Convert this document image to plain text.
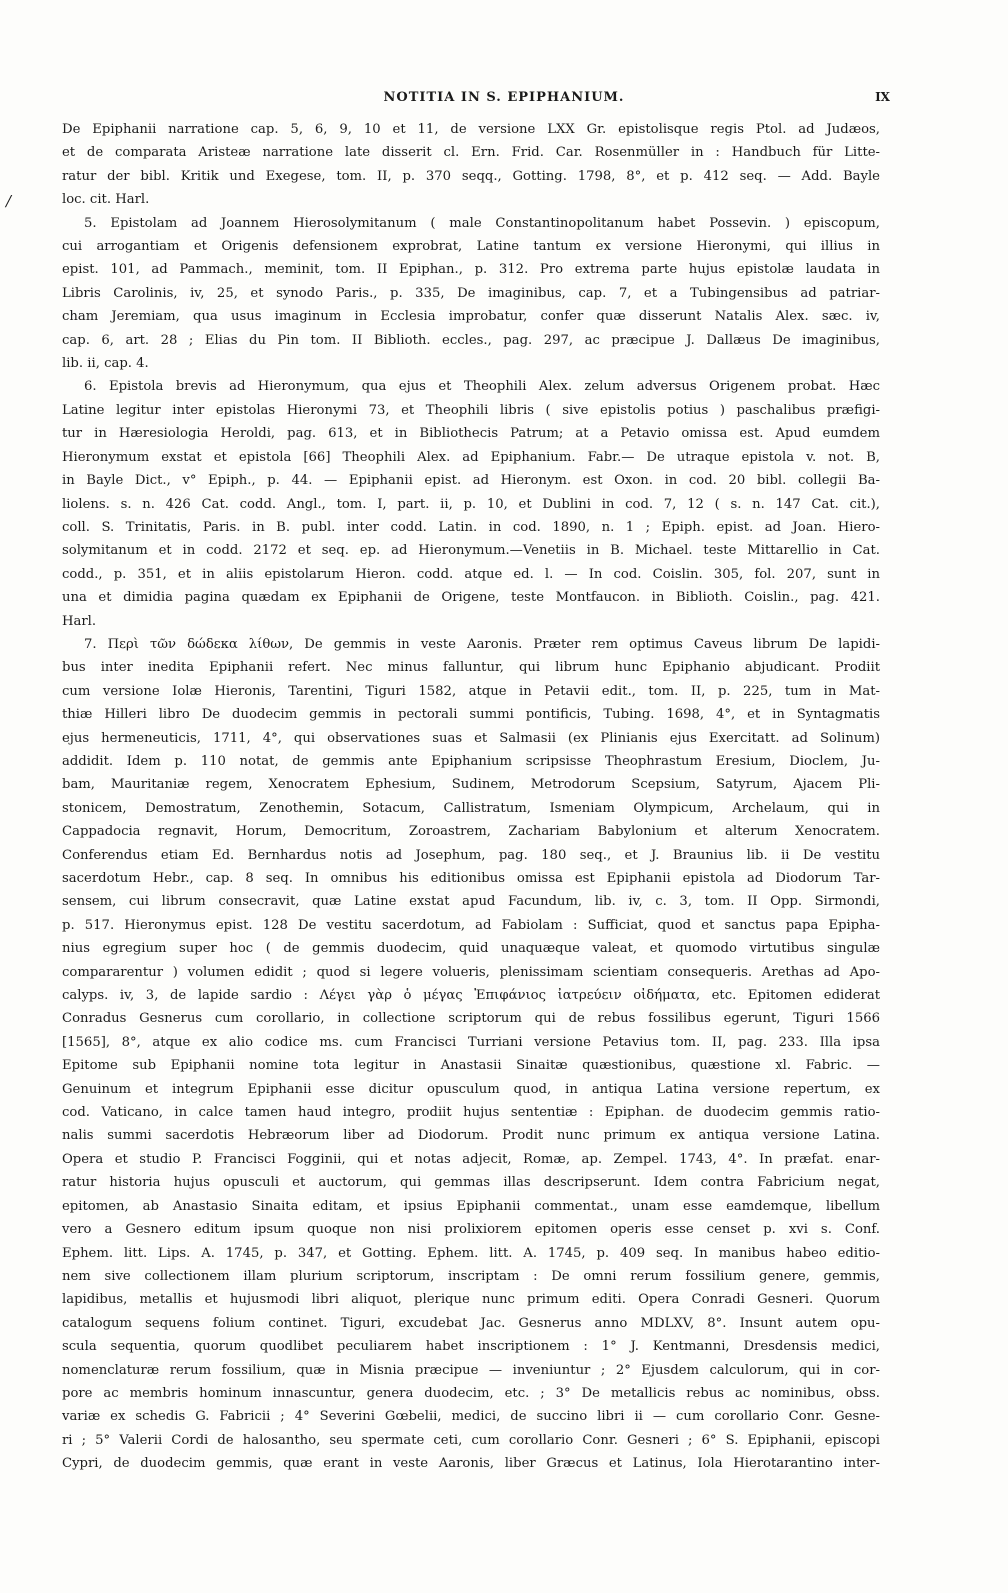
NOTITIA IN S. EPIPHANIUM.	IX
/

De Epiphanii narratione cap. 5, 6, 9, 10 et 11, de versione LXX Gr. epistolisque regis Ptol. ad Judæos,

et de comparata Aristeæ narratione late disserit cl. Ern. Frid. Car. Rosenmüller in : Handbuch für Litte-

ratur der bibl. Kritik und Exegese, tom. II, p. 370 seqq., Gotting. 1798, 8°, et p. 412 seq. — Add. Bayle

loc. cit. Harl.

5. Epistolam ad Joannem Hierosolymitanum ( male Constantinopolitanum habet Possevin. ) episcopum,

cui arrogantiam et Origenis defensionem exprobrat, Latine tantum ex versione Hieronymi, qui illius in

epist. 101, ad Pammach., meminit, tom. II Epiphan., p. 312. Pro extrema parte hujus epistolæ laudata in

Libris Carolinis, iv, 25, et synodo Paris., p. 335, De imaginibus, cap. 7, et a Tubingensibus ad patriar-

cham Jeremiam, qua usus imaginum in Ecclesia improbatur, confer quæ disserunt Natalis Alex. sæc. iv,

cap. 6, art. 28 ; Elias du Pin tom. II Biblioth. eccles., pag. 297, ac præcipue J. Dallæus De imaginibus,

lib. ii, cap. 4.

6. Epistola brevis ad Hieronymum, qua ejus et Theophili Alex. zelum adversus Origenem probat. Hæc

Latine legitur inter epistolas Hieronymi 73, et Theophili libris ( sive epistolis potius ) paschalibus præfigi-

tur in Hæresiologia Heroldi, pag. 613, et in Bibliothecis Patrum; at a Petavio omissa est. Apud eumdem

Hieronymum exstat et epistola [66] Theophili Alex. ad Epiphanium. Fabr.— De utraque epistola v. not. B,

in Bayle Dict., v° Epiph., p. 44. — Epiphanii epist. ad Hieronym. est Oxon. in cod. 20 bibl. collegii Ba-

liolens. s. n. 426 Cat. codd. Angl., tom. I, part. ii, p. 10, et Dublini in cod. 7, 12 ( s. n. 147 Cat. cit.),

coll. S. Trinitatis, Paris. in B. publ. inter codd. Latin. in cod. 1890, n. 1 ; Epiph. epist. ad Joan. Hiero-

solymitanum et in codd. 2172 et seq. ep. ad Hieronymum.—Venetiis in B. Michael. teste Mittarellio in Cat.

codd., p. 351, et in aliis epistolarum Hieron. codd. atque ed. l. — In cod. Coislin. 305, fol. 207, sunt in

una et dimidia pagina quædam ex Epiphanii de Origene, teste Montfaucon. in Biblioth. Coislin., pag. 421.

Harl.

7. Περὶ τῶν δώδεκα λίθων, De gemmis in veste Aaronis. Præter rem optimus Caveus librum De lapidi-

bus inter inedita Epiphanii refert. Nec minus falluntur, qui librum hunc Epiphanio abjudicant. Prodiit

cum versione Iolæ Hieronis, Tarentini, Tiguri 1582, atque in Petavii edit., tom. II, p. 225, tum in Mat-

thiæ Hilleri libro De duodecim gemmis in pectorali summi pontificis, Tubing. 1698, 4°, et in Syntagmatis

ejus hermeneuticis, 1711, 4°, qui observationes suas et Salmasii (ex Plinianis ejus Exercitatt. ad Solinum)

addidit. Idem p. 110 notat, de gemmis ante Epiphanium scripsisse Theophrastum Eresium, Dioclem, Ju-

bam, Mauritaniæ regem, Xenocratem Ephesium, Sudinem, Metrodorum Scepsium, Satyrum, Ajacem Pli-

stonicem, Demostratum, Zenothemin, Sotacum, Callistratum, Ismeniam Olympicum, Archelaum, qui in

Cappadocia regnavit, Horum, Democritum, Zoroastrem, Zachariam Babylonium et alterum Xenocratem.

Conferendus etiam Ed. Bernhardus notis ad Josephum, pag. 180 seq., et J. Braunius lib. ii De vestitu

sacerdotum Hebr., cap. 8 seq. In omnibus his editionibus omissa est Epiphanii epistola ad Diodorum Tar-

sensem, cui librum consecravit, quæ Latine exstat apud Facundum, lib. iv, c. 3, tom. II Opp. Sirmondi,

p. 517. Hieronymus epist. 128 De vestitu sacerdotum, ad Fabiolam : Sufficiat, quod et sanctus papa Epipha-

nius egregium super hoc ( de gemmis duodecim, quid unaquæque valeat, et quomodo virtutibus singulæ

compararentur ) volumen edidit ; quod si legere volueris, plenissimam scientiam consequeris. Arethas ad Apo-

calyps. iv, 3, de lapide sardio : Λέγει γὰρ ὁ μέγας Ἐπιφάνιος ἰατρεύειν οἰδήματα, etc. Epitomen ediderat

Conradus Gesnerus cum corollario, in collectione scriptorum qui de rebus fossilibus egerunt, Tiguri 1566

[1565], 8°, atque ex alio codice ms. cum Francisci Turriani versione Petavius tom. II, pag. 233. Illa ipsa

Epitome sub Epiphanii nomine tota legitur in Anastasii Sinaitæ quæstionibus, quæstione xl. Fabric. —

Genuinum et integrum Epiphanii esse dicitur opusculum quod, in antiqua Latina versione repertum, ex

cod. Vaticano, in calce tamen haud integro, prodiit hujus sententiæ : Epiphan. de duodecim gemmis ratio-

nalis summi sacerdotis Hebræorum liber ad Diodorum. Prodit nunc primum ex antiqua versione Latina.

Opera et studio P. Francisci Fogginii, qui et notas adjecit, Romæ, ap. Zempel. 1743, 4°. In præfat. enar-

ratur historia hujus opusculi et auctorum, qui gemmas illas descripserunt. Idem contra Fabricium negat,

epitomen, ab Anastasio Sinaita editam, et ipsius Epiphanii commentat., unam esse eamdemque, libellum

vero a Gesnero editum ipsum quoque non nisi prolixiorem epitomen operis esse censet p. xvi s. Conf.

Ephem. litt. Lips. A. 1745, p. 347, et Gotting. Ephem. litt. A. 1745, p. 409 seq. In manibus habeo editio-

nem sive collectionem illam plurium scriptorum, inscriptam : De omni rerum fossilium genere, gemmis,

lapidibus, metallis et hujusmodi libri aliquot, plerique nunc primum editi. Opera Conradi Gesneri. Quorum

catalogum sequens folium continet. Tiguri, excudebat Jac. Gesnerus anno MDLXV, 8°. Insunt autem opu-

scula sequentia, quorum quodlibet peculiarem habet inscriptionem : 1° J. Kentmanni, Dresdensis medici,

nomenclaturæ rerum fossilium, quæ in Misnia præcipue — inveniuntur ; 2° Ejusdem calculorum, qui in cor-

pore ac membris hominum innascuntur, genera duodecim, etc. ; 3° De metallicis rebus ac nominibus, obss.

variæ ex schedis G. Fabricii ; 4° Severini Gœbelii, medici, de succino libri ii — cum corollario Conr. Gesne-

ri ; 5° Valerii Cordi de halosantho, seu spermate ceti, cum corollario Conr. Gesneri ; 6° S. Epiphanii, episcopi

Cypri, de duodecim gemmis, quæ erant in veste Aaronis, liber Græcus et Latinus, Iola Hierotarantino inter-
